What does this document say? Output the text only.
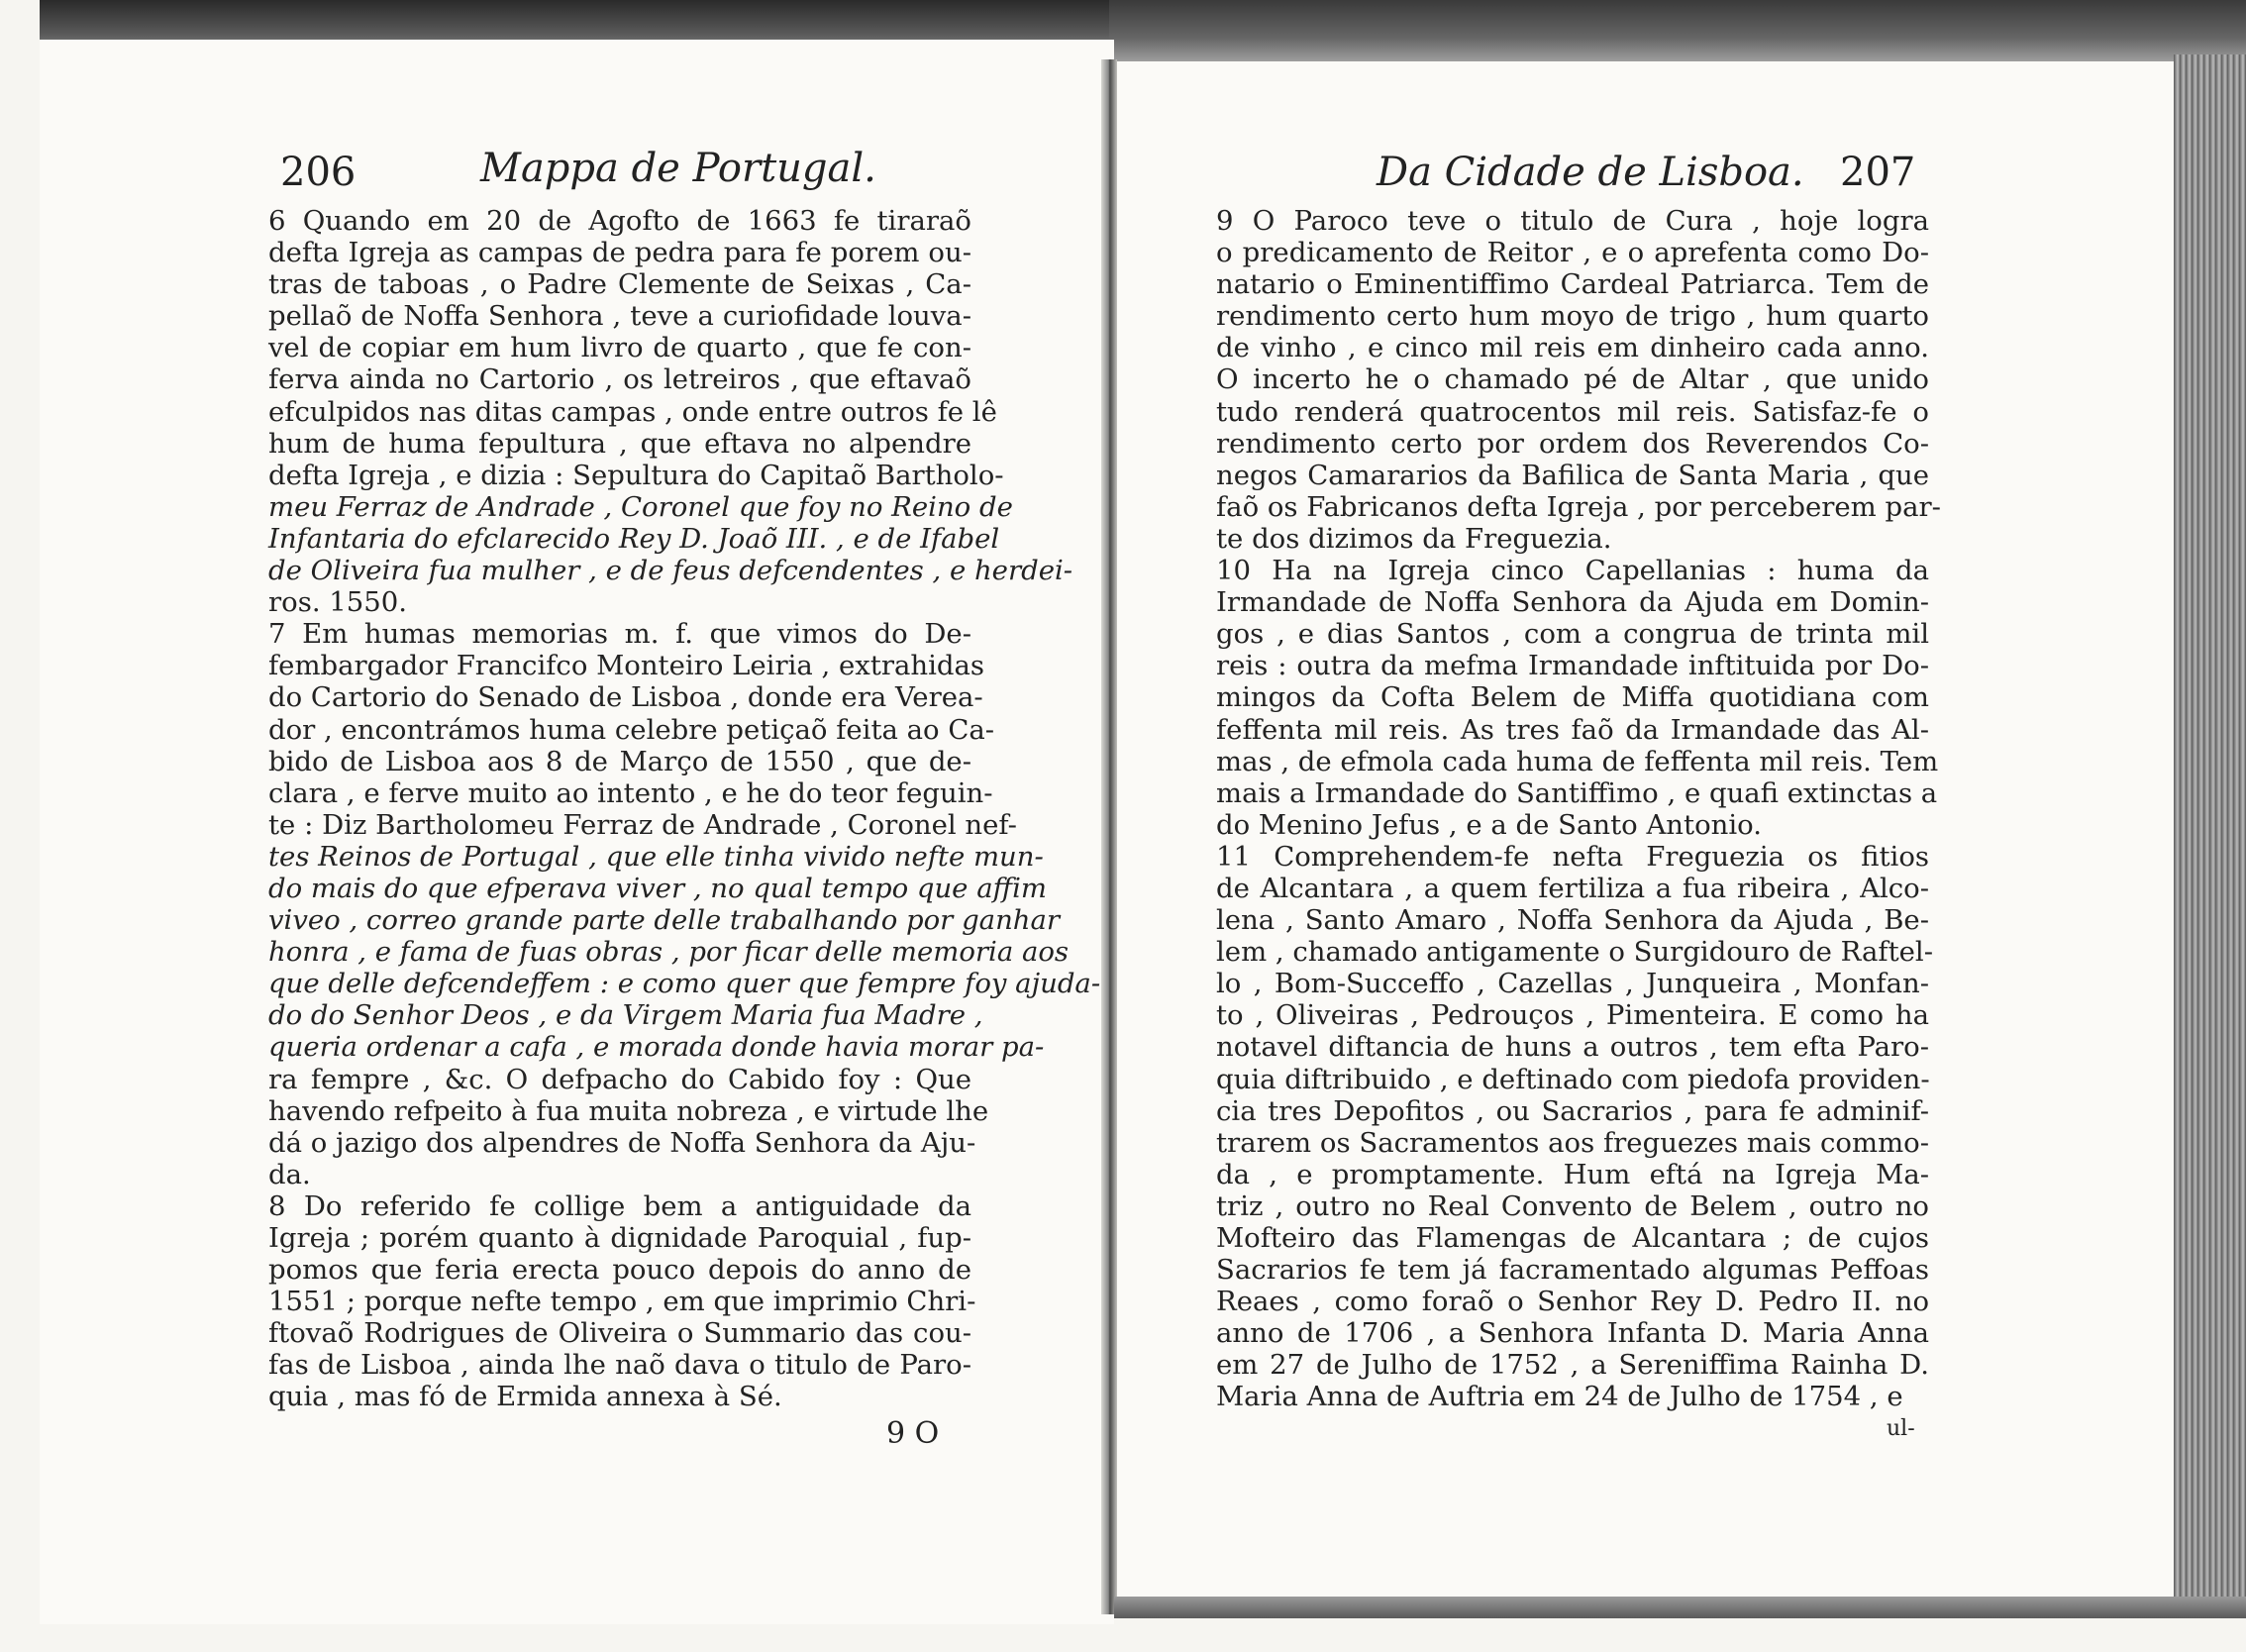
206	Mappa de Portugal.	Da Cidade de Lisboa. 207
6 Quando em 20 de Agofto de 1663 fe tiraraõ
defta Igreja as campas de pedra para fe porem ou-
tras de taboas , o Padre Clemente de Seixas , Ca-
pellaõ de Noffa Senhora , teve a curiofidade louva-
vel de copiar em hum livro de quarto , que fe con-
ferva ainda no Cartorio , os letreiros , que eftavaõ
efculpidos nas ditas campas , onde entre outros fe lê
hum de huma fepultura , que eftava no alpendre
defta Igreja , e dizia : Sepultura do Capitaõ Bartholo-
meu Ferraz de Andrade , Coronel que foy no Reino de
Infantaria do efclarecido Rey D. Joaõ III. , e de Ifabel
de Oliveira fua mulher , e de feus defcendentes , e herdei-
ros. 1550.
7 Em humas memorias m. f. que vimos do De-
fembargador Francifco Monteiro Leiria , extrahidas
do Cartorio do Senado de Lisboa , donde era Verea-
dor , encontrámos huma celebre petiçaõ feita ao Ca-
bido de Lisboa aos 8 de Março de 1550 , que de-
clara , e ferve muito ao intento , e he do teor feguin-
te : Diz Bartholomeu Ferraz de Andrade , Coronel nef-
tes Reinos de Portugal , que elle tinha vivido nefte mun-
do mais do que efperava viver , no qual tempo que affim
viveo , correo grande parte delle trabalhando por ganhar
honra , e fama de fuas obras , por ficar delle memoria aos
que delle defcendeffem : e como quer que fempre foy ajuda-
do do Senhor Deos , e da Virgem Maria fua Madre ,
queria ordenar a cafa , e morada donde havia morar pa-
ra fempre , &c. O defpacho do Cabido foy : Que
havendo refpeito à fua muita nobreza , e virtude lhe
dá o jazigo dos alpendres de Noffa Senhora da Aju-
da.
8 Do referido fe collige bem a antiguidade da
Igreja ; porém quanto à dignidade Paroquial , fup-
pomos que feria erecta pouco depois do anno de
1551 ; porque nefte tempo , em que imprimio Chri-
ftovaõ Rodrigues de Oliveira o Summario das cou-
fas de Lisboa , ainda lhe naõ dava o titulo de Paro-
quia , mas fó de Ermida annexa à Sé.
9 O Paroco teve o titulo de Cura , hoje logra
o predicamento de Reitor , e o aprefenta como Do-
natario o Eminentiffimo Cardeal Patriarca. Tem de
rendimento certo hum moyo de trigo , hum quarto
de vinho , e cinco mil reis em dinheiro cada anno.
O incerto he o chamado pé de Altar , que unido
tudo renderá quatrocentos mil reis. Satisfaz-fe o
rendimento certo por ordem dos Reverendos Co-
negos Camararios da Bafilica de Santa Maria , que
faõ os Fabricanos defta Igreja , por perceberem par-
te dos dizimos da Freguezia.
10 Ha na Igreja cinco Capellanias : huma da
Irmandade de Noffa Senhora da Ajuda em Domin-
gos , e dias Santos , com a congrua de trinta mil
reis : outra da mefma Irmandade inftituida por Do-
mingos da Cofta Belem de Miffa quotidiana com
feffenta mil reis. As tres faõ da Irmandade das Al-
mas , de efmola cada huma de feffenta mil reis. Tem
mais a Irmandade do Santiffimo , e quafi extinctas a
do Menino Jefus , e a de Santo Antonio.
11 Comprehendem-fe nefta Freguezia os fitios
de Alcantara , a quem fertiliza a fua ribeira , Alco-
lena , Santo Amaro , Noffa Senhora da Ajuda , Be-
lem , chamado antigamente o Surgidouro de Raftel-
lo , Bom-Succeffo , Cazellas , Junqueira , Monfan-
to , Oliveiras , Pedrouços , Pimenteira. E como ha
notavel diftancia de huns a outros , tem efta Paro-
quia diftribuido , e deftinado com piedofa providen-
cia tres Depofitos , ou Sacrarios , para fe adminif-
trarem os Sacramentos aos freguezes mais commo-
da , e promptamente. Hum eftá na Igreja Ma-
triz , outro no Real Convento de Belem , outro no
Mofteiro das Flamengas de Alcantara ; de cujos
Sacrarios fe tem já facramentado algumas Peffoas
Reaes , como foraõ o Senhor Rey D. Pedro II. no
anno de 1706 , a Senhora Infanta D. Maria Anna
em 27 de Julho de 1752 , a Sereniffima Rainha D.
Maria Anna de Auftria em 24 de Julho de 1754 , e
9 O	ul-
